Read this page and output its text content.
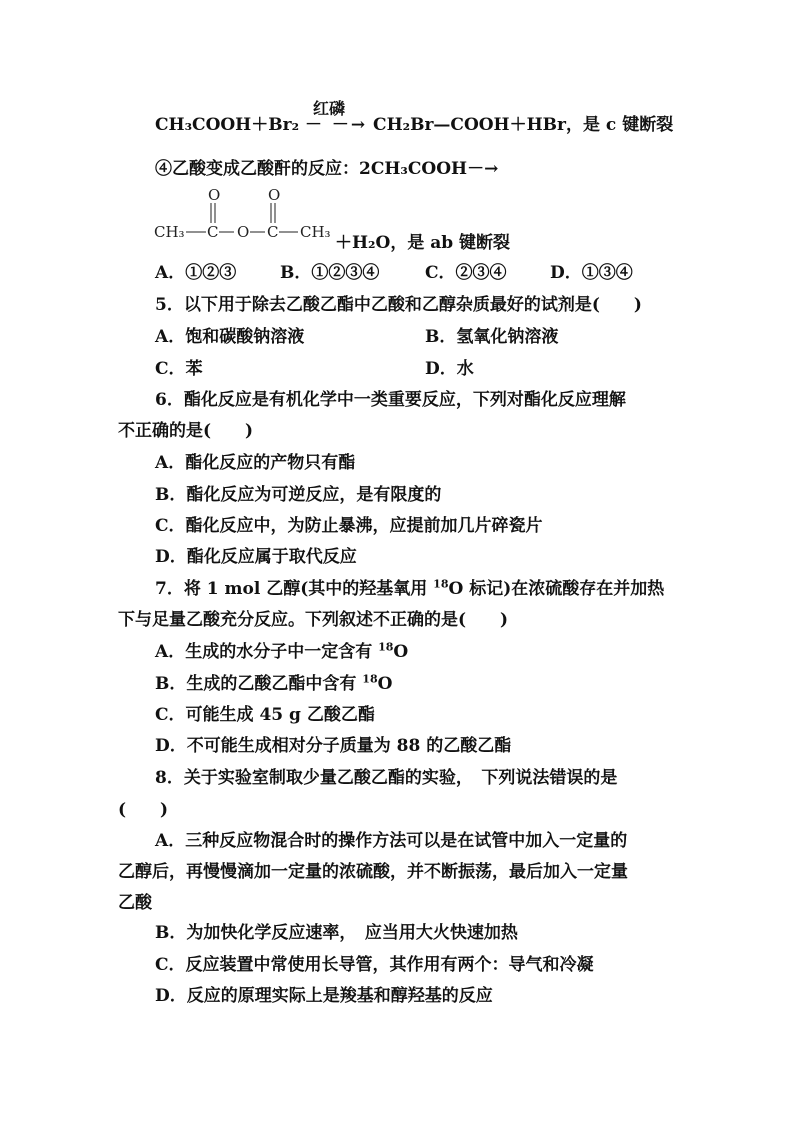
红磷
CH₃COOH＋Br₂ － －→ CH₂Br—COOH＋HBr，是 c 键断裂
④乙酸变成乙酸酐的反应：2CH₃COOH－→
O	O
CH₃ C O C CH₃
＋H₂O，是 ab 键断裂
A．①②③	B．①②③④	C．②③④	D．①③④
5．以下用于除去乙酸乙酯中乙酸和乙醇杂质最好的试剂是(　　)
A．饱和碳酸钠溶液	B．氢氧化钠溶液
C．苯	D．水
6．酯化反应是有机化学中一类重要反应，下列对酯化反应理解
不正确的是(　　)
A．酯化反应的产物只有酯
B．酯化反应为可逆反应，是有限度的
C．酯化反应中，为防止暴沸，应提前加几片碎瓷片
D．酯化反应属于取代反应
7．将 1 mol 乙醇(其中的羟基氧用 $^{18}$O 标记)在浓硫酸存在并加热
下与足量乙酸充分反应。下列叙述不正确的是(　　)
A．生成的水分子中一定含有 $^{18}$O
B．生成的乙酸乙酯中含有 $^{18}$O
C．可能生成 45 g 乙酸乙酯
D．不可能生成相对分子质量为 88 的乙酸乙酯
8．关于实验室制取少量乙酸乙酯的实验，　下列说法错误的是
(　　)
A．三种反应物混合时的操作方法可以是在试管中加入一定量的
乙醇后，再慢慢滴加一定量的浓硫酸，并不断振荡，最后加入一定量
乙酸
B．为加快化学反应速率，　应当用大火快速加热
C．反应装置中常使用长导管，其作用有两个：导气和冷凝
D．反应的原理实际上是羧基和醇羟基的反应
